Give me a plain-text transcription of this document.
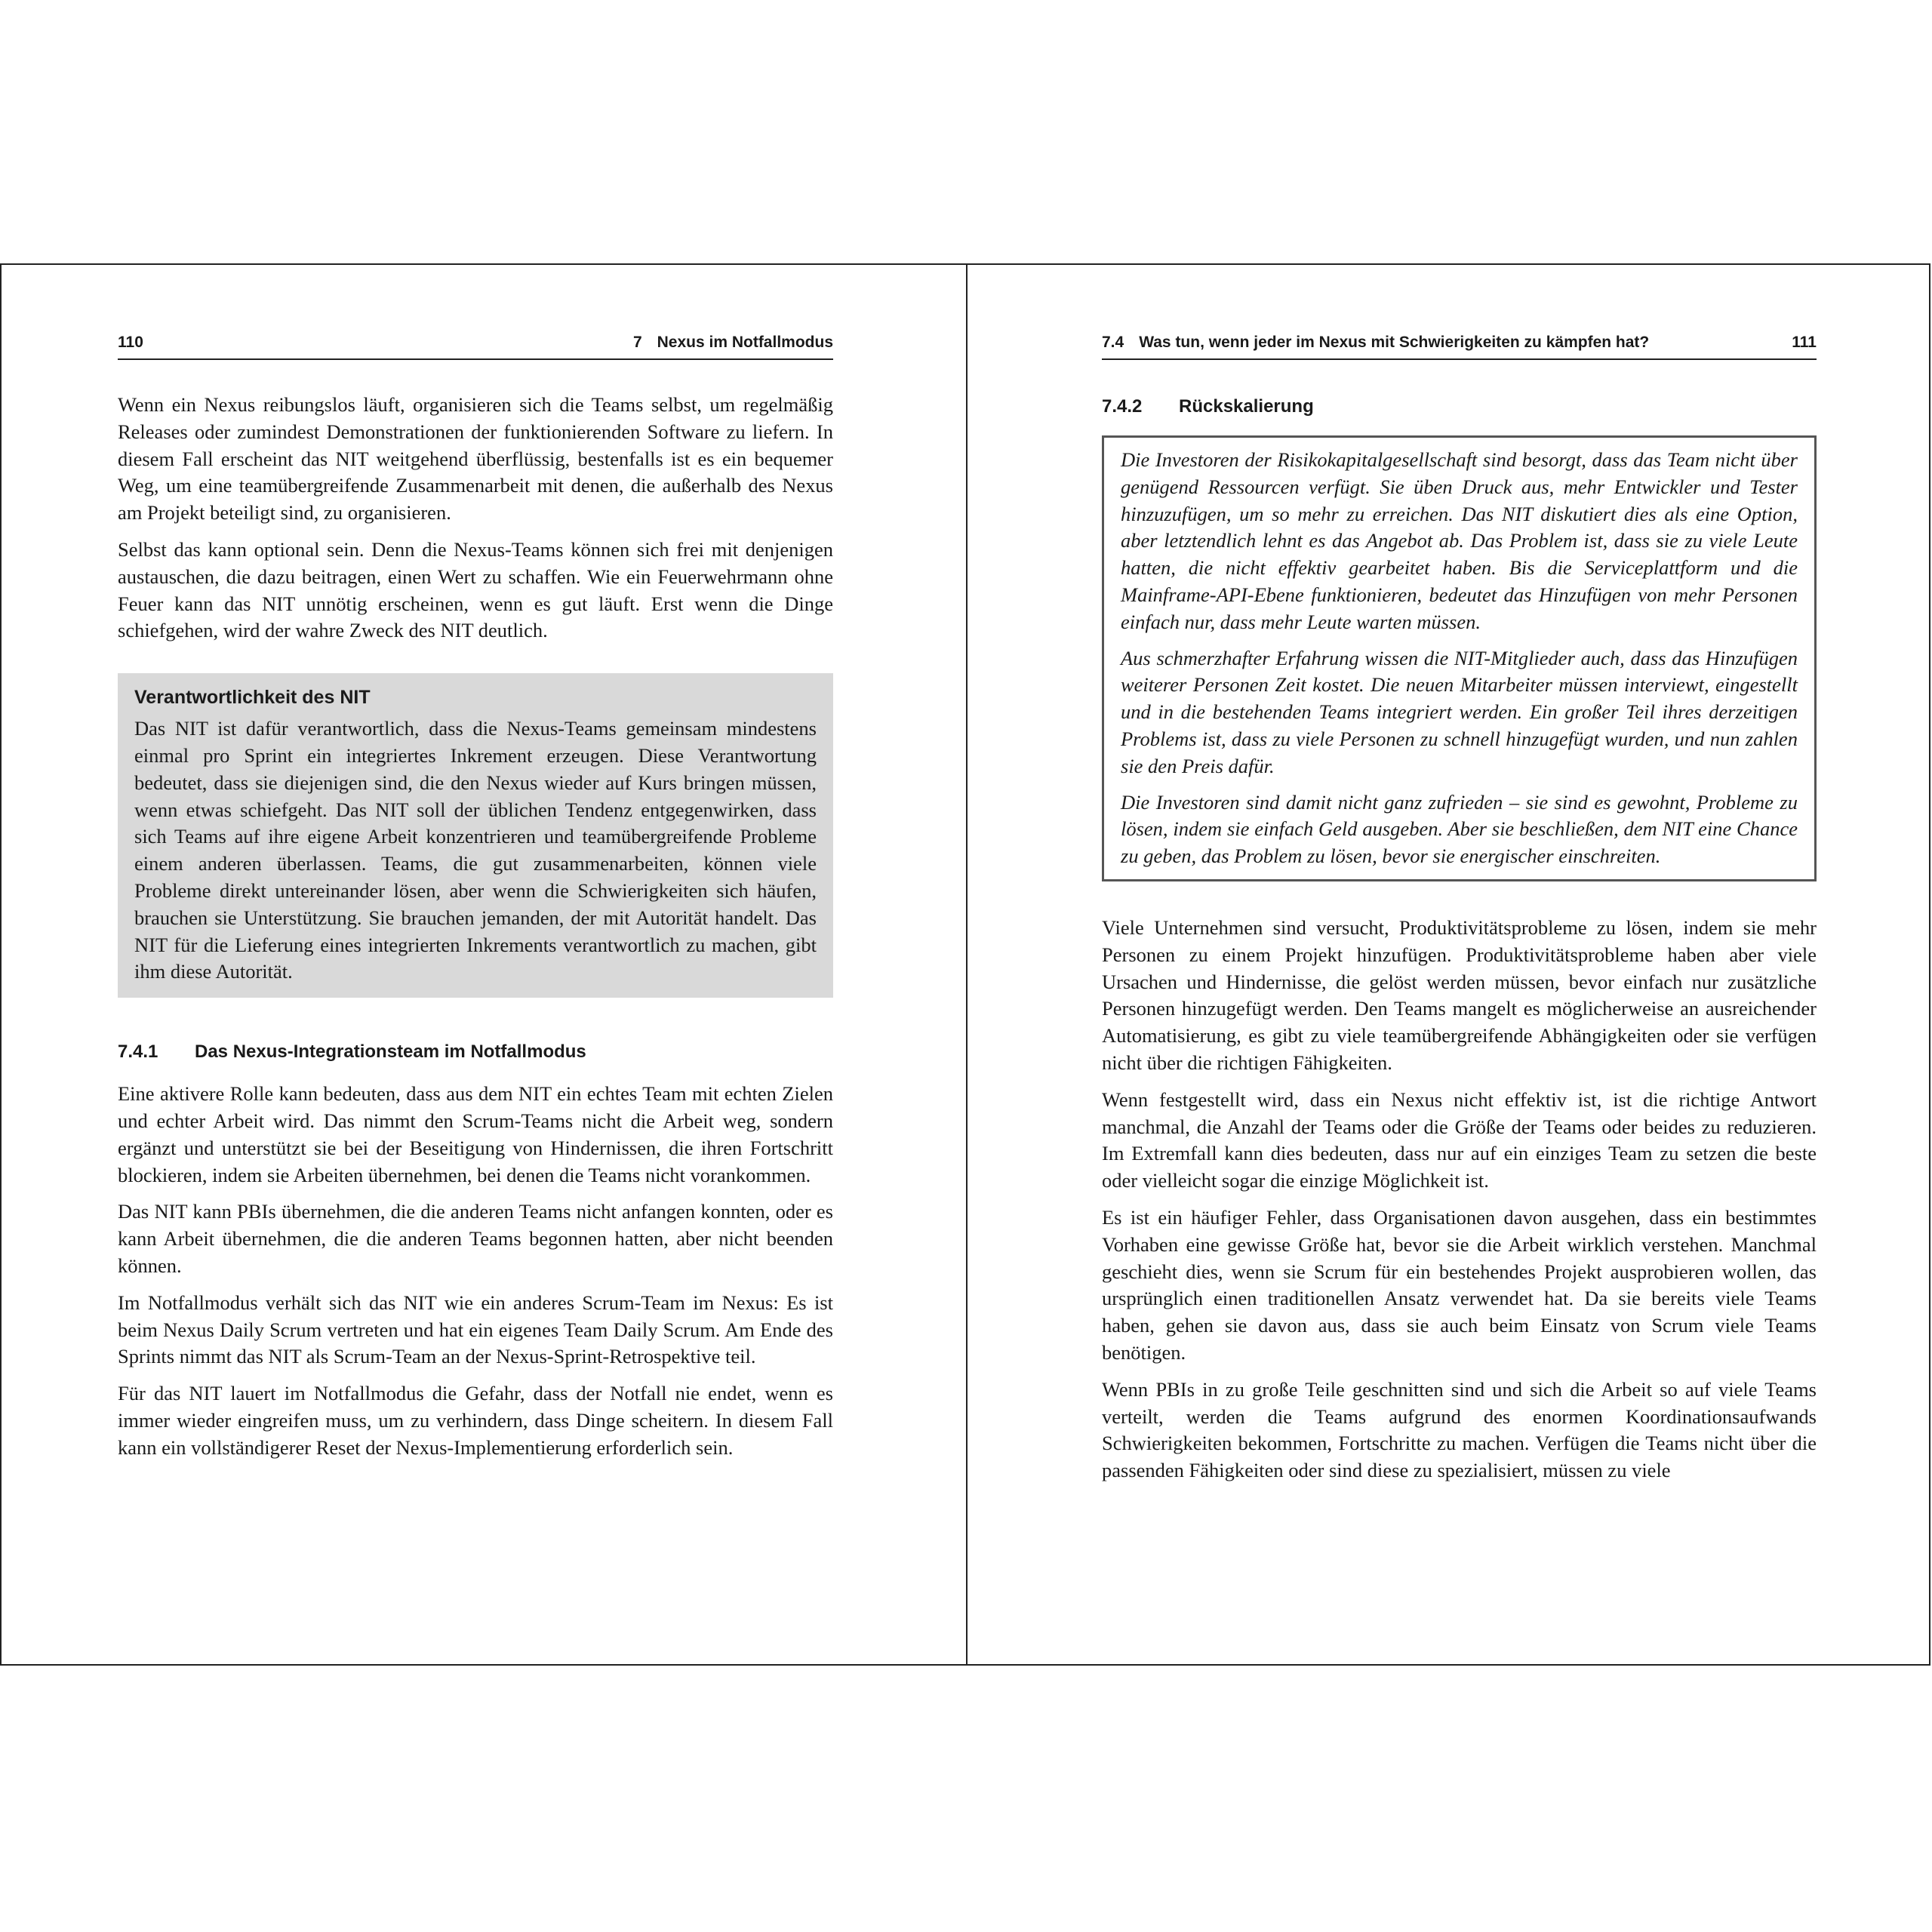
110	7 Nexus im Notfallmodus

Wenn ein Nexus reibungslos läuft, organisieren sich die Teams selbst, um regelmäßig Releases oder zumindest Demonstrationen der funktionierenden Software zu liefern. In diesem Fall erscheint das NIT weitgehend überflüssig, bestenfalls ist es ein bequemer Weg, um eine teamübergreifende Zusammenarbeit mit denen, die außerhalb des Nexus am Projekt beteiligt sind, zu organisieren.

Selbst das kann optional sein. Denn die Nexus-Teams können sich frei mit denjenigen austauschen, die dazu beitragen, einen Wert zu schaffen. Wie ein Feuerwehrmann ohne Feuer kann das NIT unnötig erscheinen, wenn es gut läuft. Erst wenn die Dinge schiefgehen, wird der wahre Zweck des NIT deutlich.

Verantwortlichkeit des NIT

Das NIT ist dafür verantwortlich, dass die Nexus-Teams gemeinsam mindestens einmal pro Sprint ein integriertes Inkrement erzeugen. Diese Verantwortung bedeutet, dass sie diejenigen sind, die den Nexus wieder auf Kurs bringen müssen, wenn etwas schiefgeht. Das NIT soll der üblichen Tendenz entgegenwirken, dass sich Teams auf ihre eigene Arbeit konzentrieren und teamübergreifende Probleme einem anderen überlassen. Teams, die gut zusammenarbeiten, können viele Probleme direkt untereinander lösen, aber wenn die Schwierigkeiten sich häufen, brauchen sie Unterstützung. Sie brauchen jemanden, der mit Autorität handelt. Das NIT für die Lieferung eines integrierten Inkrements verantwortlich zu machen, gibt ihm diese Autorität.

7.4.1 Das Nexus-Integrationsteam im Notfallmodus

Eine aktivere Rolle kann bedeuten, dass aus dem NIT ein echtes Team mit echten Zielen und echter Arbeit wird. Das nimmt den Scrum-Teams nicht die Arbeit weg, sondern ergänzt und unterstützt sie bei der Beseitigung von Hindernissen, die ihren Fortschritt blockieren, indem sie Arbeiten übernehmen, bei denen die Teams nicht vorankommen.

Das NIT kann PBIs übernehmen, die die anderen Teams nicht anfangen konnten, oder es kann Arbeit übernehmen, die die anderen Teams begonnen hatten, aber nicht beenden können.

Im Notfallmodus verhält sich das NIT wie ein anderes Scrum-Team im Nexus: Es ist beim Nexus Daily Scrum vertreten und hat ein eigenes Team Daily Scrum. Am Ende des Sprints nimmt das NIT als Scrum-Team an der Nexus-Sprint-Retrospektive teil.

Für das NIT lauert im Notfallmodus die Gefahr, dass der Notfall nie endet, wenn es immer wieder eingreifen muss, um zu verhindern, dass Dinge scheitern. In diesem Fall kann ein vollständigerer Reset der Nexus-Implementierung erforderlich sein.

7.4 Was tun, wenn jeder im Nexus mit Schwierigkeiten zu kämpfen hat?	111
7.4.2 Rückskalierung

Die Investoren der Risikokapitalgesellschaft sind besorgt, dass das Team nicht über genügend Ressourcen verfügt. Sie üben Druck aus, mehr Entwickler und Tester hinzuzufügen, um so mehr zu erreichen. Das NIT diskutiert dies als eine Option, aber letztendlich lehnt es das Angebot ab. Das Problem ist, dass sie zu viele Leute hatten, die nicht effektiv gearbeitet haben. Bis die Serviceplattform und die Mainframe-API-Ebene funktionieren, bedeutet das Hinzufügen von mehr Personen einfach nur, dass mehr Leute warten müssen.

Aus schmerzhafter Erfahrung wissen die NIT-Mitglieder auch, dass das Hinzufügen weiterer Personen Zeit kostet. Die neuen Mitarbeiter müssen interviewt, eingestellt und in die bestehenden Teams integriert werden. Ein großer Teil ihres derzeitigen Problems ist, dass zu viele Personen zu schnell hinzugefügt wurden, und nun zahlen sie den Preis dafür.

Die Investoren sind damit nicht ganz zufrieden – sie sind es gewohnt, Probleme zu lösen, indem sie einfach Geld ausgeben. Aber sie beschließen, dem NIT eine Chance zu geben, das Problem zu lösen, bevor sie energischer einschreiten.

Viele Unternehmen sind versucht, Produktivitätsprobleme zu lösen, indem sie mehr Personen zu einem Projekt hinzufügen. Produktivitätsprobleme haben aber viele Ursachen und Hindernisse, die gelöst werden müssen, bevor einfach nur zusätzliche Personen hinzugefügt werden. Den Teams mangelt es möglicherweise an ausreichender Automatisierung, es gibt zu viele teamübergreifende Abhängigkeiten oder sie verfügen nicht über die richtigen Fähigkeiten.

Wenn festgestellt wird, dass ein Nexus nicht effektiv ist, ist die richtige Antwort manchmal, die Anzahl der Teams oder die Größe der Teams oder beides zu reduzieren. Im Extremfall kann dies bedeuten, dass nur auf ein einziges Team zu setzen die beste oder vielleicht sogar die einzige Möglichkeit ist.

Es ist ein häufiger Fehler, dass Organisationen davon ausgehen, dass ein bestimmtes Vorhaben eine gewisse Größe hat, bevor sie die Arbeit wirklich verstehen. Manchmal geschieht dies, wenn sie Scrum für ein bestehendes Projekt ausprobieren wollen, das ursprünglich einen traditionellen Ansatz verwendet hat. Da sie bereits viele Teams haben, gehen sie davon aus, dass sie auch beim Einsatz von Scrum viele Teams benötigen.

Wenn PBIs in zu große Teile geschnitten sind und sich die Arbeit so auf viele Teams verteilt, werden die Teams aufgrund des enormen Koordinationsaufwands Schwierigkeiten bekommen, Fortschritte zu machen. Verfügen die Teams nicht über die passenden Fähigkeiten oder sind diese zu spezialisiert, müssen zu viele
